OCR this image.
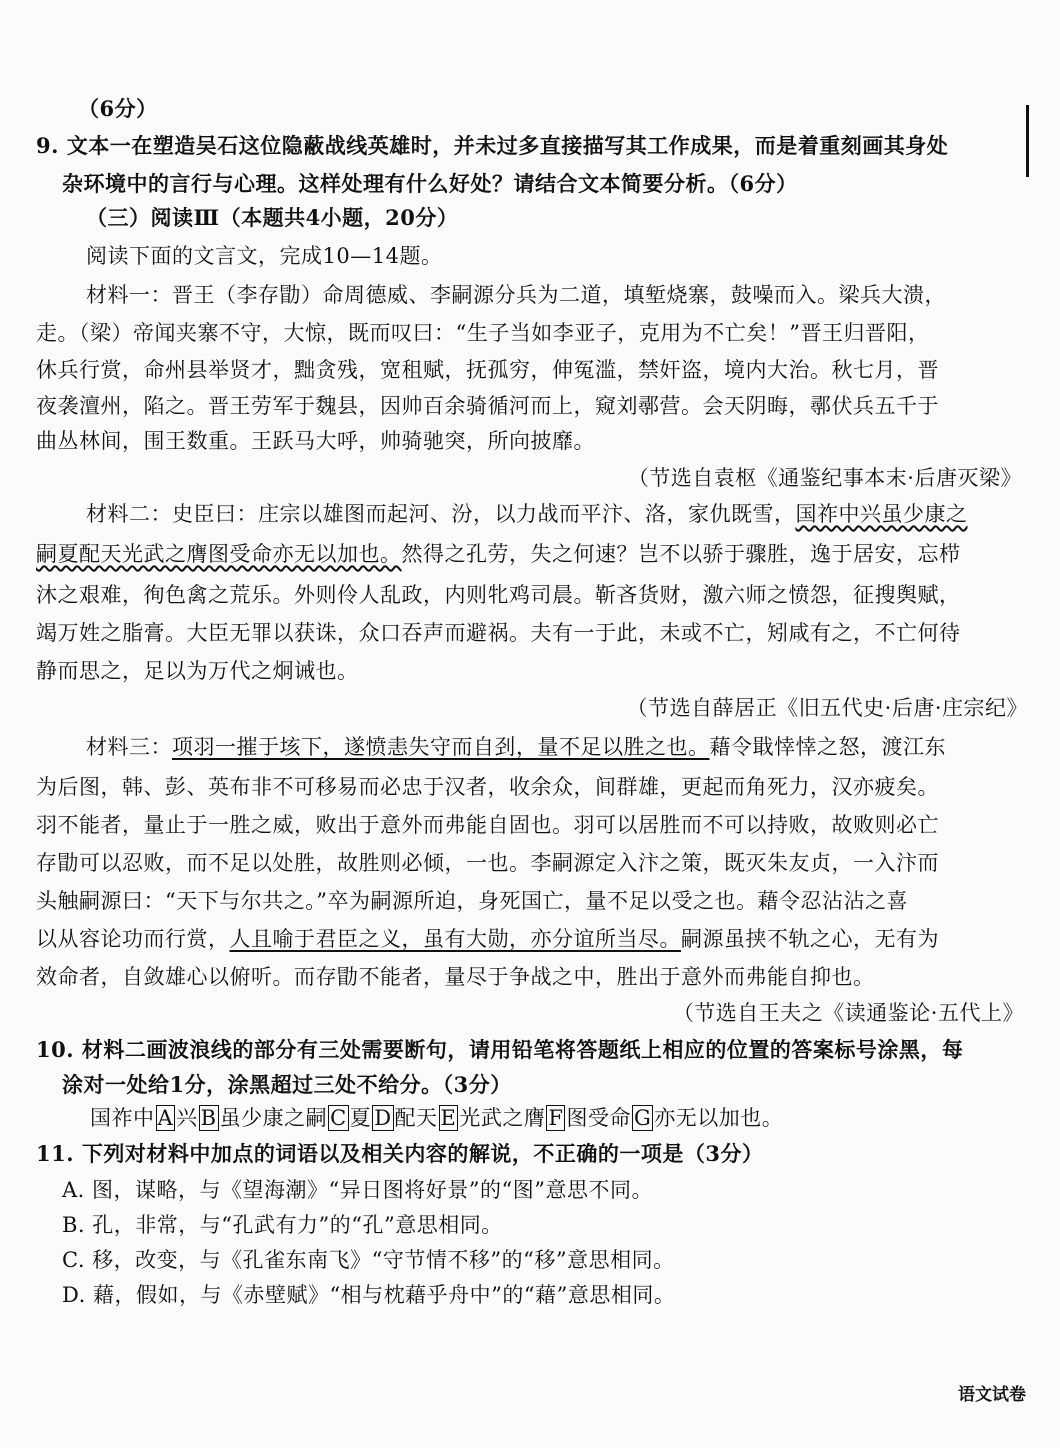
（6分）
9. 文本一在塑造吴石这位隐蔽战线英雄时，并未过多直接描写其工作成果，而是着重刻画其身处
杂环境中的言行与心理。这样处理有什么好处？请结合文本简要分析。（6分）
（三）阅读Ⅲ（本题共4小题，20分）
阅读下面的文言文，完成10—14题。
材料一：晋王（李存勖）命周德威、李嗣源分兵为二道，填堑烧寨，鼓噪而入。梁兵大溃，
走。（梁）帝闻夹寨不守，大惊，既而叹曰：“生子当如李亚子，克用为不亡矣！”晋王归晋阳，
休兵行赏，命州县举贤才，黜贪残，宽租赋，抚孤穷，伸冤滥，禁奸盗，境内大治。秋七月，晋
夜袭澶州，陷之。晋王劳军于魏县，因帅百余骑循河而上，窥刘鄩营。会天阴晦，鄩伏兵五千于
曲丛林间，围王数重。王跃马大呼，帅骑驰突，所向披靡。
（节选自袁枢《通鉴纪事本末·后唐灭梁》
材料二：史臣曰：庄宗以雄图而起河、汾，以力战而平汴、洛，家仇既雪，国祚中兴虽少康之
嗣夏配天光武之膺图受命亦无以加也。然得之孔劳，失之何速？岂不以骄于骤胜，逸于居安，忘栉
沐之艰难，徇色禽之荒乐。外则伶人乱政，内则牝鸡司晨。靳吝货财，激六师之愤怨，征搜舆赋，
竭万姓之脂膏。大臣无罪以获诛，众口吞声而避祸。夫有一于此，未或不亡，矧咸有之，不亡何待
静而思之，足以为万代之炯诫也。
（节选自薛居正《旧五代史·后唐·庄宗纪》
材料三：项羽一摧于垓下，遂愤恚失守而自刭，量不足以胜之也。藉令戢悻悻之怒，渡江东
为后图，韩、彭、英布非不可移易而必忠于汉者，收余众，间群雄，更起而角死力，汉亦疲矣。
羽不能者，量止于一胜之威，败出于意外而弗能自固也。羽可以居胜而不可以持败，故败则必亡
存勖可以忍败，而不足以处胜，故胜则必倾，一也。李嗣源定入汴之策，既灭朱友贞，一入汴而
头触嗣源曰：“天下与尔共之。”卒为嗣源所迫，身死国亡，量不足以受之也。藉令忍沾沾之喜
以从容论功而行赏，人且喻于君臣之义，虽有大勋，亦分谊所当尽。嗣源虽挟不轨之心，无有为
效命者，自敛雄心以俯听。而存勖不能者，量尽于争战之中，胜出于意外而弗能自抑也。
（节选自王夫之《读通鉴论·五代上》
10. 材料二画波浪线的部分有三处需要断句，请用铅笔将答题纸上相应的位置的答案标号涂黑，每
涂对一处给1分，涂黑超过三处不给分。（3分）
国祚中 A 兴 B 虽少康之嗣 C 夏 D 配天 E 光武之膺 F 图受命 G 亦无以加也。
11. 下列对材料中加点的词语以及相关内容的解说，不正确的一项是（3分）
A. 图，谋略，与《望海潮》“异日图将好景”的“图”意思不同。
B. 孔，非常，与“孔武有力”的“孔”意思相同。
C. 移，改变，与《孔雀东南飞》“守节情不移”的“移”意思相同。
D. 藉，假如，与《赤壁赋》“相与枕藉乎舟中”的“藉”意思相同。
语文试卷
